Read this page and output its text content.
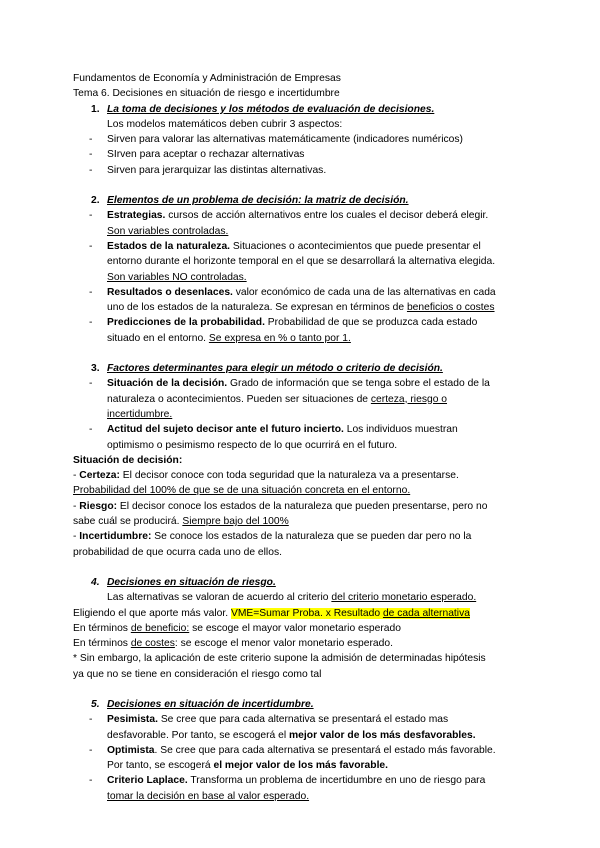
Fundamentos de Economía y Administración de Empresas
Tema 6. Decisiones en situación de riesgo e incertidumbre
1. La toma de decisiones y los métodos de evaluación de decisiones.
Los modelos matemáticos deben cubrir 3 aspectos:
- Sirven para valorar las alternativas matemáticamente (indicadores numéricos)
- SIrven para aceptar o rechazar alternativas
- Sirven para jerarquizar las distintas alternativas.
2. Elementos de un problema de decisión: la matriz de decisión.
- Estrategias. cursos de acción alternativos entre los cuales el decisor deberá elegir.
Son variables controladas.
- Estados de la naturaleza. Situaciones o acontecimientos que puede presentar el
entorno durante el horizonte temporal en el que se desarrollará la alternativa elegida.
Son variables NO controladas.
- Resultados o desenlaces. valor económico de cada una de las alternativas en cada
uno de los estados de la naturaleza. Se expresan en términos de beneficios o costes
- Predicciones de la probabilidad. Probabilidad de que se produzca cada estado
situado en el entorno. Se expresa en % o tanto por 1.
3. Factores determinantes para elegir un método o criterio de decisión.
- Situación de la decisión. Grado de información que se tenga sobre el estado de la
naturaleza o acontecimientos. Pueden ser situaciones de certeza, riesgo o
incertidumbre.
- Actitud del sujeto decisor ante el futuro incierto. Los individuos muestran
optimismo o pesimismo respecto de lo que ocurrirá en el futuro.
Situación de decisión:
- Certeza: El decisor conoce con toda seguridad que la naturaleza va a presentarse.
Probabilidad del 100% de que se de una situación concreta en el entorno.
- Riesgo: El decisor conoce los estados de la naturaleza que pueden presentarse, pero no
sabe cuál se producirá. Siempre bajo del 100%
- Incertidumbre: Se conoce los estados de la naturaleza que se pueden dar pero no la
probabilidad de que ocurra cada uno de ellos.
4. Decisiones en situación de riesgo.
Las alternativas se valoran de acuerdo al criterio del criterio monetario esperado.
Eligiendo el que aporte más valor. VME=Sumar Proba. x Resultado de cada alternativa
En términos de beneficio: se escoge el mayor valor monetario esperado
En términos de costes: se escoge el menor valor monetario esperado.
* Sin embargo, la aplicación de este criterio supone la admisión de determinadas hipótesis
ya que no se tiene en consideración el riesgo como tal
5. Decisiones en situación de incertidumbre.
- Pesimista. Se cree que para cada alternativa se presentará el estado mas
desfavorable. Por tanto, se escogerá el mejor valor de los más desfavorables.
- Optimista. Se cree que para cada alternativa se presentará el estado más favorable.
Por tanto, se escogerá el mejor valor de los más favorable.
- Criterio Laplace. Transforma un problema de incertidumbre en uno de riesgo para
tomar la decisión en base al valor esperado.
